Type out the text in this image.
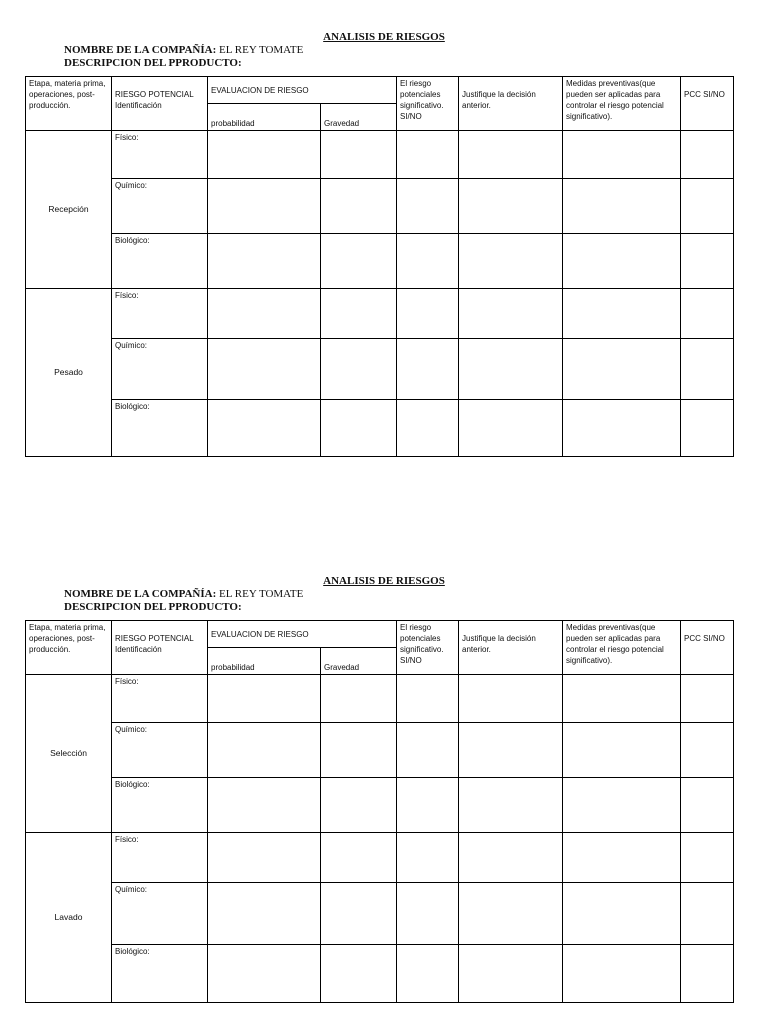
ANALISIS DE RIESGOS
NOMBRE DE LA COMPAÑÍA: EL REY TOMATE
DESCRIPCION DEL PPRODUCTO:
Etapa, materia prima, operaciones, post-producción.	RIESGO POTENCIAL Identificación	EVALUACION DE RIESGO		El riesgo potenciales significativo. SI/NO	Justifique la decisión anterior.	Medidas preventivas(que pueden ser aplicadas para controlar el riesgo potencial significativo).	PCC SI/NO
		probabilidad	Gravedad				
Recepción	Físico:						
	Químico:						
	Biológico:						
Pesado	Físico:						
	Químico:						
	Biológico:						
ANALISIS DE RIESGOS
NOMBRE DE LA COMPAÑÍA: EL REY TOMATE
DESCRIPCION DEL PPRODUCTO:
Etapa, materia prima, operaciones, post-producción.	RIESGO POTENCIAL Identificación	EVALUACION DE RIESGO		El riesgo potenciales significativo. SI/NO	Justifique la decisión anterior.	Medidas preventivas(que pueden ser aplicadas para controlar el riesgo potencial significativo).	PCC SI/NO
		probabilidad	Gravedad				
Selección	Físico:						
	Químico:						
	Biológico:						
Lavado	Físico:						
	Químico:						
	Biológico:						
